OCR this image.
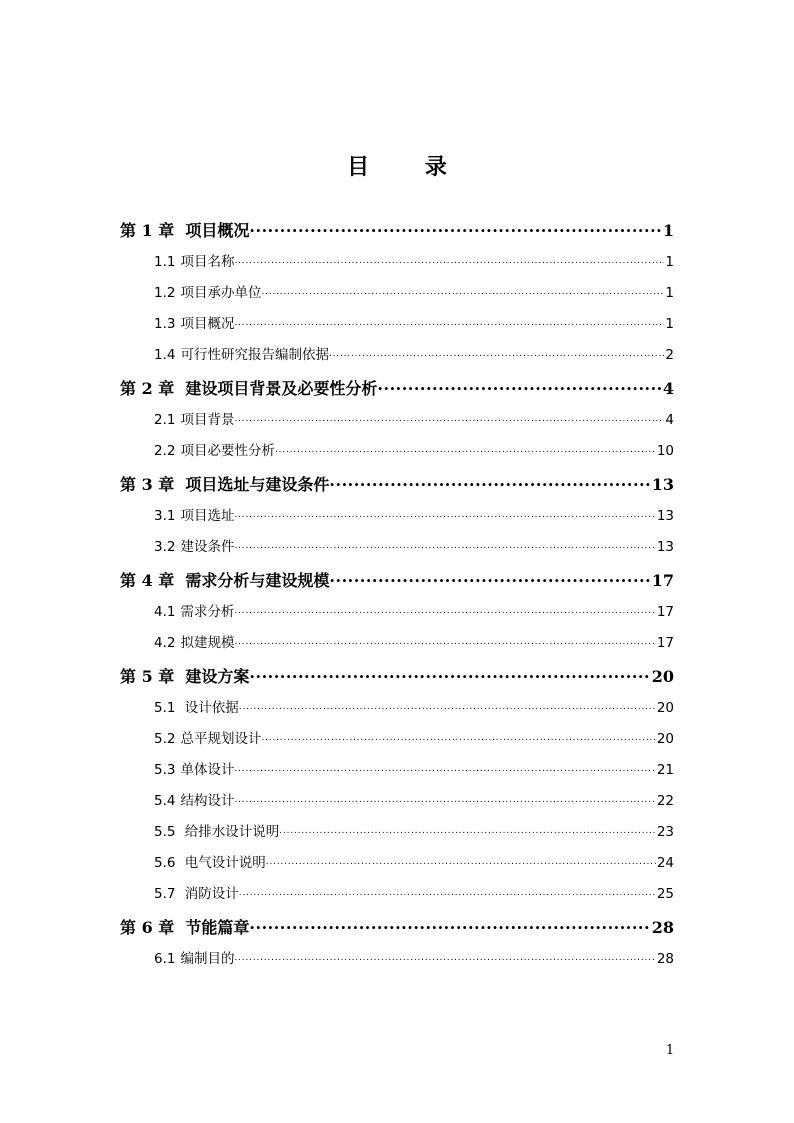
目 录
第 1 章  项目概况 .....	1
1.1 项目名称 .....	1
1.2 项目承办单位 .....	1
1.3 项目概况 .....	1
1.4 可行性研究报告编制依据 .....	2
第 2 章  建设项目背景及必要性分析 .....	4
2.1 项目背景 .....	4
2.2 项目必要性分析 .....	10
第 3 章  项目选址与建设条件 .....	13
3.1 项目选址 .....	13
3.2 建设条件 .....	13
第 4 章  需求分析与建设规模 .....	17
4.1 需求分析 .....	17
4.2 拟建规模 .....	17
第 5 章  建设方案 .....	20
5.1 设计依据 .....	20
5.2 总平规划设计 .....	20
5.3 单体设计 .....	21
5.4 结构设计 .....	22
5.5 给排水设计说明 .....	23
5.6 电气设计说明 .....	24
5.7 消防设计 .....	25
第 6 章  节能篇章 .....	28
6.1 编制目的 .....	28
1
